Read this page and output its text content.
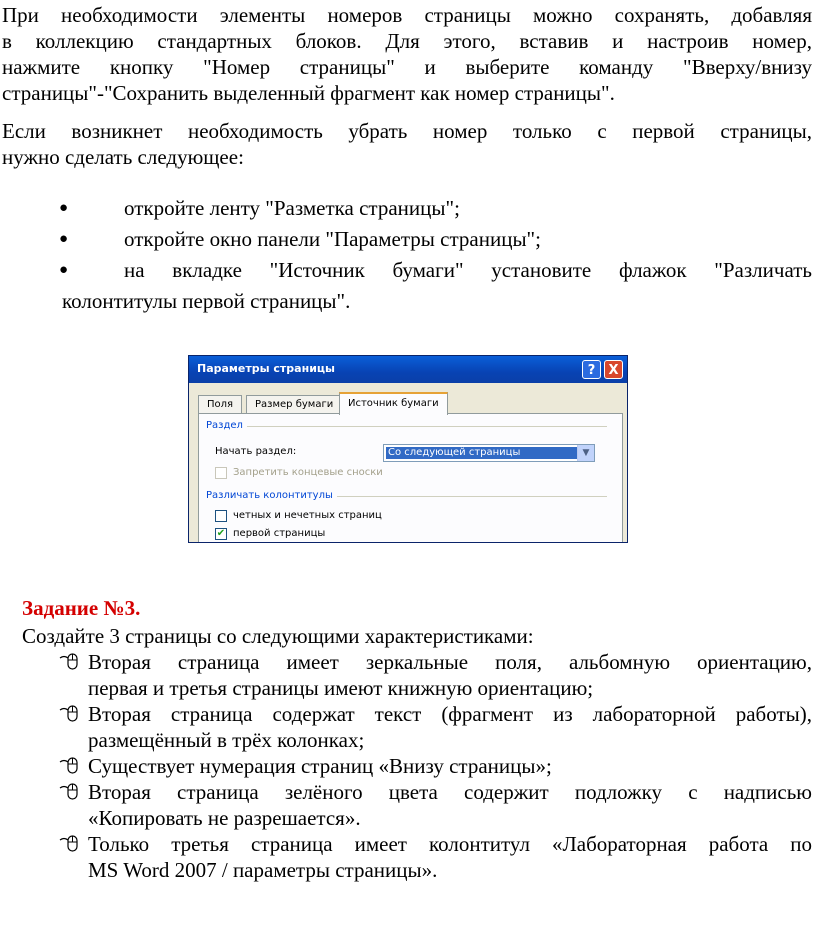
При необходимости элементы номеров страницы можно сохранять, добавляя
в коллекцию стандартных блоков. Для этого, вставив и настроив номер,
нажмите кнопку "Номер страницы" и выберите команду "Вверху/внизу
страницы"-"Сохранить выделенный фрагмент как номер страницы".
Если возникнет необходимость убрать номер только с первой страницы,
нужно сделать следующее:
●	откройте ленту "Разметка страницы";
●	откройте окно панели "Параметры страницы";
●	на вкладке "Источник бумаги" установите флажок "Различать
колонтитулы первой страницы".
Параметры страницы	?	X
Поля	Размер бумаги	Источник бумаги
Раздел
Начать раздел:	Со следующей страницы	▼
Запретить концевые сноски
Различать колонтитулы
четных и нечетных страниц
✔ первой страницы
Задание №3.
Создайте 3 страницы со следующими характеристиками:
Вторая страница имеет зеркальные поля, альбомную ориентацию,
первая и третья страницы имеют книжную ориентацию;
Вторая страница содержат текст (фрагмент из лабораторной работы),
размещённый в трёх колонках;
Существует нумерация страниц «Внизу страницы»;
Вторая страница зелёного цвета содержит подложку с надписью
«Копировать не разрешается».
Только третья страница имеет колонтитул «Лабораторная работа по
MS Word 2007 / параметры страницы».
